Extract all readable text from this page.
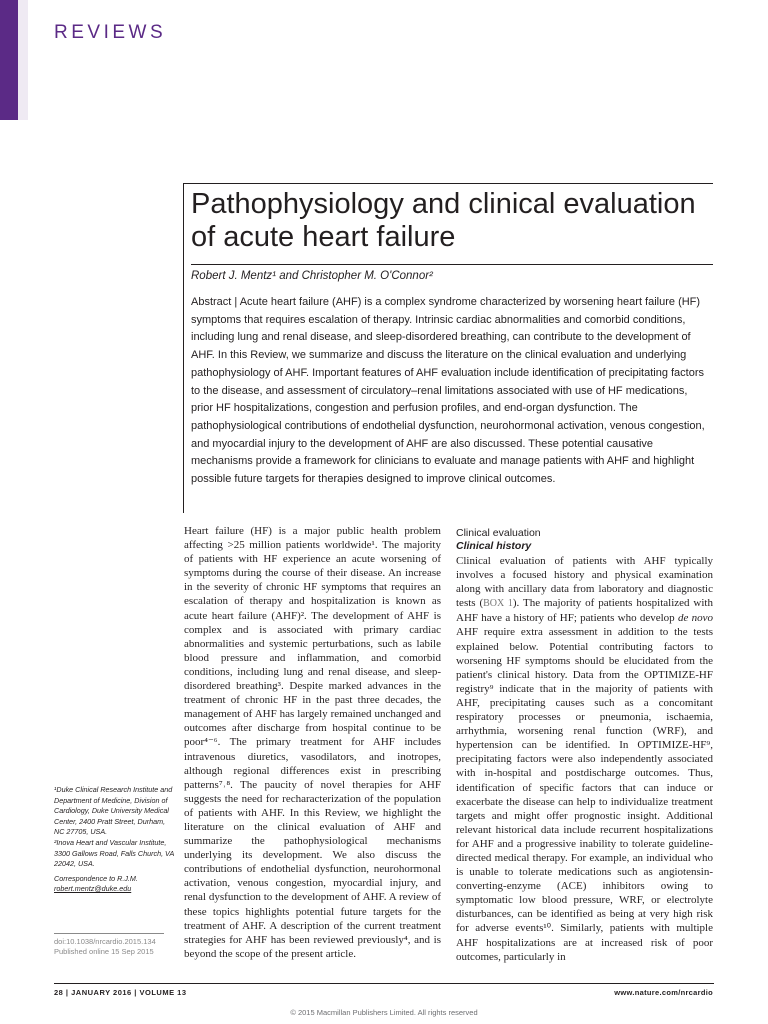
REVIEWS
Pathophysiology and clinical evaluation of acute heart failure
Robert J. Mentz¹ and Christopher M. O'Connor²
Abstract | Acute heart failure (AHF) is a complex syndrome characterized by worsening heart failure (HF) symptoms that requires escalation of therapy. Intrinsic cardiac abnormalities and comorbid conditions, including lung and renal disease, and sleep-disordered breathing, can contribute to the development of AHF. In this Review, we summarize and discuss the literature on the clinical evaluation and underlying pathophysiology of AHF. Important features of AHF evaluation include identification of precipitating factors to the disease, and assessment of circulatory–renal limitations associated with use of HF medications, prior HF hospitalizations, congestion and perfusion profiles, and end-organ dysfunction. The pathophysiological contributions of endothelial dysfunction, neurohormonal activation, venous congestion, and myocardial injury to the development of AHF are also discussed. These potential causative mechanisms provide a framework for clinicians to evaluate and manage patients with AHF and highlight possible future targets for therapies designed to improve clinical outcomes.

Heart failure (HF) is a major public health problem affecting >25 million patients worldwide¹. The majority of patients with HF experience an acute worsening of symptoms during the course of their disease. An increase in the severity of chronic HF symptoms that requires an escalation of therapy and hospitalization is known as acute heart failure (AHF)². The development of AHF is complex and is associated with primary cardiac abnormalities and systemic perturbations, such as labile blood pressure and inflammation, and comorbid conditions, including lung and renal disease, and sleep-disordered breathing³. Despite marked advances in the treatment of chronic HF in the past three decades, the management of AHF has largely remained unchanged and outcomes after discharge from hospital continue to be poor⁴⁻⁶. The primary treatment for AHF includes intravenous diuretics, vasodilators, and inotropes, although regional differences exist in prescribing patterns⁷˒⁸. The paucity of novel therapies for AHF suggests the need for recharacterization of the population of patients with AHF. In this Review, we highlight the literature on the clinical evaluation of AHF and summarize the pathophysiological mechanisms underlying its development. We also discuss the contributions of endothelial dysfunction, neurohormonal activation, venous congestion, myocardial injury, and renal dysfunction to the development of AHF. A review of these topics highlights potential future targets for the treatment of AHF. A description of the current treatment strategies for AHF has been reviewed previously⁴, and is beyond the scope of the present article.

Clinical evaluation
Clinical history

Clinical evaluation of patients with AHF typically involves a focused history and physical examination along with ancillary data from laboratory and diagnostic tests (BOX 1). The majority of patients hospitalized with AHF have a history of HF; patients who develop de novo AHF require extra assessment in addition to the tests explained below. Potential contributing factors to worsening HF symptoms should be elucidated from the patient's clinical history. Data from the OPTIMIZE-HF registry⁹ indicate that in the majority of patients with AHF, precipitating causes such as a concomitant respiratory processes or pneumonia, ischaemia, arrhythmia, worsening renal function (WRF), and hypertension can be identified. In OPTIMIZE-HF⁹, precipitating factors were also independently associated with in-hospital and postdischarge outcomes. Thus, identification of specific factors that can induce or exacerbate the disease can help to individualize treatment targets and might offer prognostic insight. Additional relevant historical data include recurrent hospitalizations for AHF and a progressive inability to tolerate guideline-directed medical therapy. For example, an individual who is unable to tolerate medications such as angiotensin-converting-enzyme (ACE) inhibitors owing to symptomatic low blood pressure, WRF, or electrolyte disturbances, can be identified as being at very high risk for adverse events¹⁰. Similarly, patients with multiple AHF hospitalizations are at increased risk of poor outcomes, particularly in

¹Duke Clinical Research Institute and Department of Medicine, Division of Cardiology, Duke University Medical Center, 2400 Pratt Street, Durham, NC 27705, USA.
²Inova Heart and Vascular Institute, 3300 Gallows Road, Falls Church, VA 22042, USA.
Correspondence to R.J.M.
robert.mentz@duke.edu
doi:10.1038/nrcardio.2015.134
Published online 15 Sep 2015
28 | JANUARY 2016 | VOLUME 13	www.nature.com/nrcardio
© 2015 Macmillan Publishers Limited. All rights reserved
